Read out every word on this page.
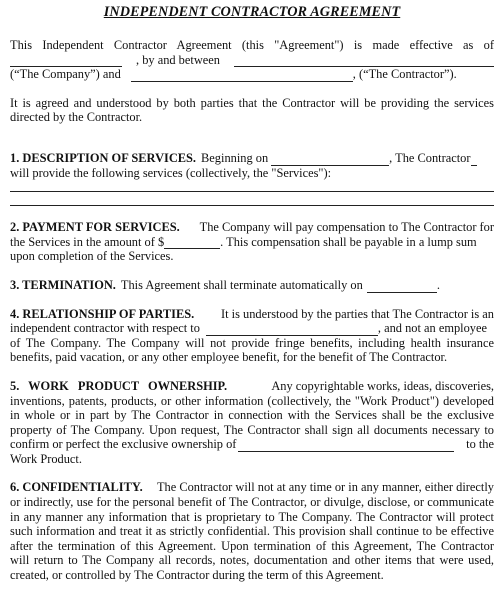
INDEPENDENT CONTRACTOR AGREEMENT

This Independent Contractor Agreement (this "Agreement") is made effective as of

, by and between
(“The Company”) and	, (“The Contractor”).

It is agreed and understood by both parties that the Contractor will be providing the services directed by the Contractor.

1. DESCRIPTION OF SERVICES. Beginning on	, The Contractor

will provide the following services (collectively, the "Services"):

2. PAYMENT FOR SERVICES. The Company will pay compensation to The Contractor for
the Services in the amount of $	. This compensation shall be payable in a lump sum

upon completion of the Services.

3. TERMINATION. This Agreement shall terminate automatically on	.
4. RELATIONSHIP OF PARTIES. It is understood by the parties that The Contractor is an
independent contractor with respect to	, and not an employee

of The Company. The Company will not provide fringe benefits, including health insurance

benefits, paid vacation, or any other employee benefit, for the benefit of The Contractor.

5. WORK PRODUCT OWNERSHIP.	Any copyrightable works, ideas, discoveries,

inventions, patents, products, or other information (collectively, the "Work Product") developed

in whole or in part by The Contractor in connection with the Services shall be the exclusive

property of The Company. Upon request, The Contractor shall sign all documents necessary to

confirm or perfect the exclusive ownership of	to the

Work Product.

6. CONFIDENTIALITY. The Contractor will not at any time or in any manner, either directly

or indirectly, use for the personal benefit of The Contractor, or divulge, disclose, or communicate

in any manner any information that is proprietary to The Company. The Contractor will protect

such information and treat it as strictly confidential. This provision shall continue to be effective

after the termination of this Agreement. Upon termination of this Agreement, The Contractor

will return to The Company all records, notes, documentation and other items that were used,

created, or controlled by The Contractor during the term of this Agreement.
